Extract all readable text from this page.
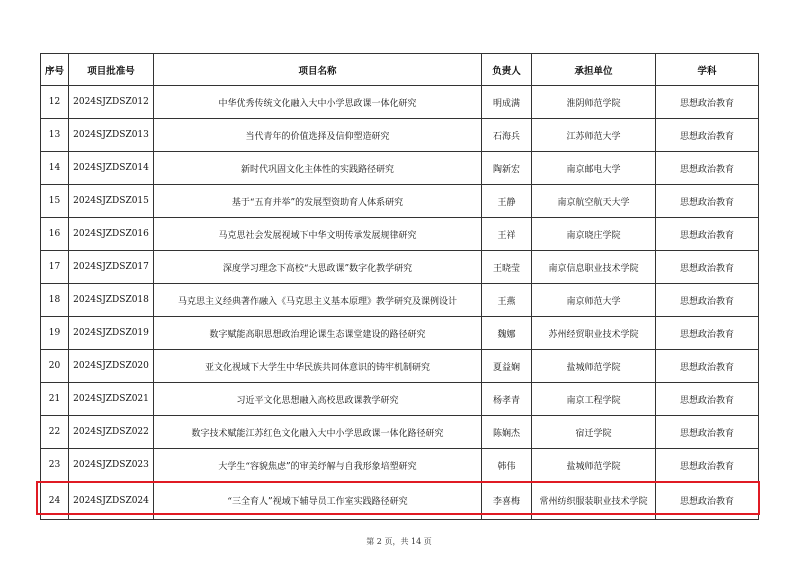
序号	项目批准号	项目名称	负责人	承担单位	学科
12	2024SJZDSZ012	中华优秀传统文化融入大中小学思政课一体化研究	明成满	淮阴师范学院	思想政治教育
13	2024SJZDSZ013	当代青年的价值选择及信仰塑造研究	石海兵	江苏师范大学	思想政治教育
14	2024SJZDSZ014	新时代巩固文化主体性的实践路径研究	陶新宏	南京邮电大学	思想政治教育
15	2024SJZDSZ015	基于“五育并举”的发展型资助育人体系研究	王静	南京航空航天大学	思想政治教育
16	2024SJZDSZ016	马克思社会发展视域下中华文明传承发展规律研究	王祥	南京晓庄学院	思想政治教育
17	2024SJZDSZ017	深度学习理念下高校“大思政课”数字化教学研究	王晓莹	南京信息职业技术学院	思想政治教育
18	2024SJZDSZ018	马克思主义经典著作融入《马克思主义基本原理》教学研究及课例设计	王燕	南京师范大学	思想政治教育
19	2024SJZDSZ019	数字赋能高职思想政治理论课生态课堂建设的路径研究	魏娜	苏州经贸职业技术学院	思想政治教育
20	2024SJZDSZ020	亚文化视域下大学生中华民族共同体意识的铸牢机制研究	夏益娴	盐城师范学院	思想政治教育
21	2024SJZDSZ021	习近平文化思想融入高校思政课教学研究	杨孝青	南京工程学院	思想政治教育
22	2024SJZDSZ022	数字技术赋能江苏红色文化融入大中小学思政课一体化路径研究	陈娴杰	宿迁学院	思想政治教育
23	2024SJZDSZ023	大学生“容貌焦虑”的审美纾解与自我形象培塑研究	韩伟	盐城师范学院	思想政治教育
24	2024SJZDSZ024	“三全育人”视域下辅导员工作室实践路径研究	李喜梅	常州纺织服装职业技术学院	思想政治教育
第 2 页，共 14 页
